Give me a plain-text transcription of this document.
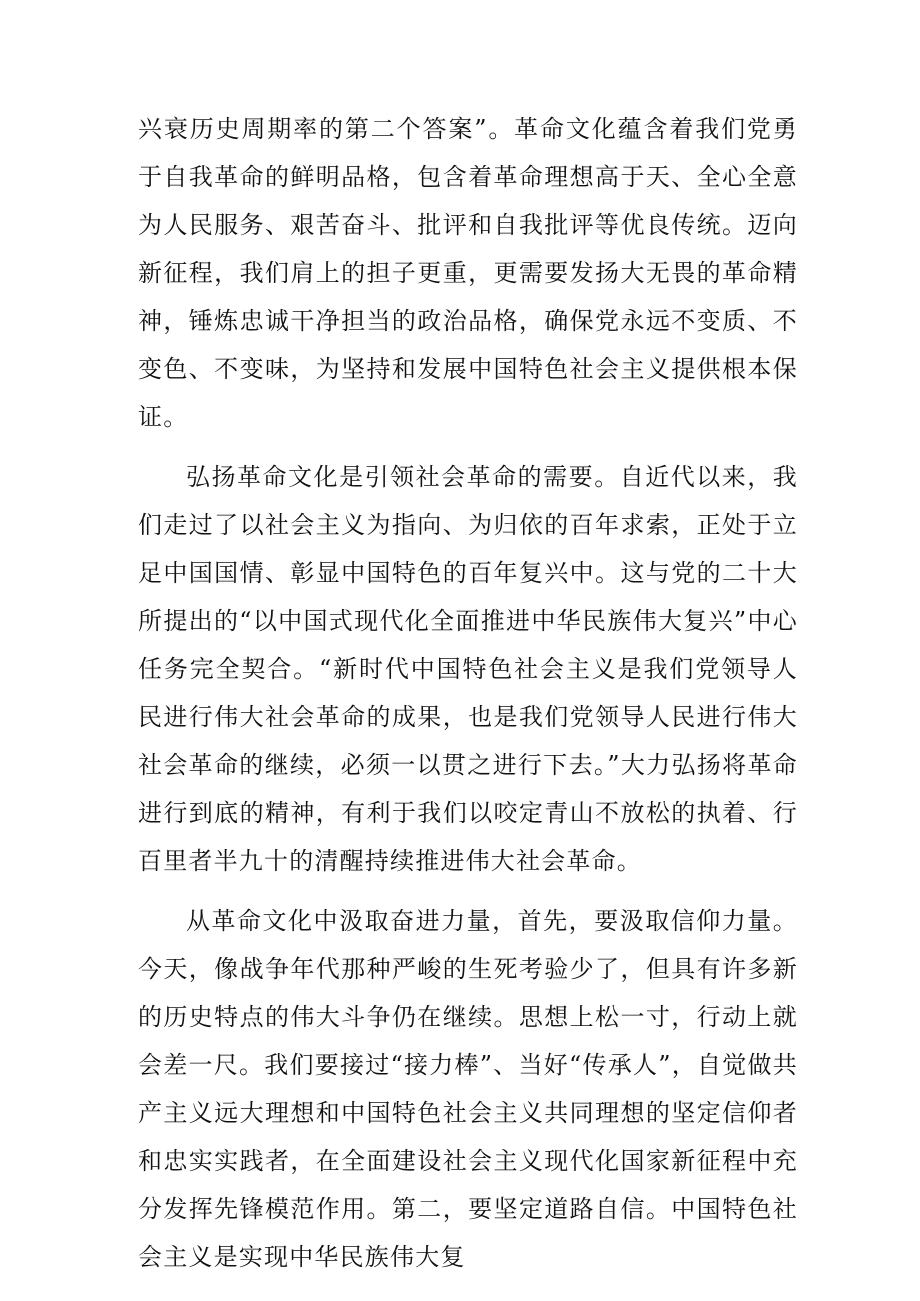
兴衰历史周期率的第二个答案”。革命文化蕴含着我们党勇于自我革命的鲜明品格，包含着革命理想高于天、全心全意为人民服务、艰苦奋斗、批评和自我批评等优良传统。迈向新征程，我们肩上的担子更重，更需要发扬大无畏的革命精神，锤炼忠诚干净担当的政治品格，确保党永远不变质、不变色、不变味，为坚持和发展中国特色社会主义提供根本保证。

弘扬革命文化是引领社会革命的需要。自近代以来，我们走过了以社会主义为指向、为归依的百年求索，正处于立足中国国情、彰显中国特色的百年复兴中。这与党的二十大所提出的“以中国式现代化全面推进中华民族伟大复兴”中心任务完全契合。“新时代中国特色社会主义是我们党领导人民进行伟大社会革命的成果，也是我们党领导人民进行伟大社会革命的继续，必须一以贯之进行下去。”大力弘扬将革命进行到底的精神，有利于我们以咬定青山不放松的执着、行百里者半九十的清醒持续推进伟大社会革命。

从革命文化中汲取奋进力量，首先，要汲取信仰力量。今天，像战争年代那种严峻的生死考验少了，但具有许多新的历史特点的伟大斗争仍在继续。思想上松一寸，行动上就会差一尺。我们要接过“接力棒”、当好“传承人”，自觉做共产主义远大理想和中国特色社会主义共同理想的坚定信仰者和忠实实践者，在全面建设社会主义现代化国家新征程中充分发挥先锋模范作用。第二，要坚定道路自信。中国特色社会主义是实现中华民族伟大复
